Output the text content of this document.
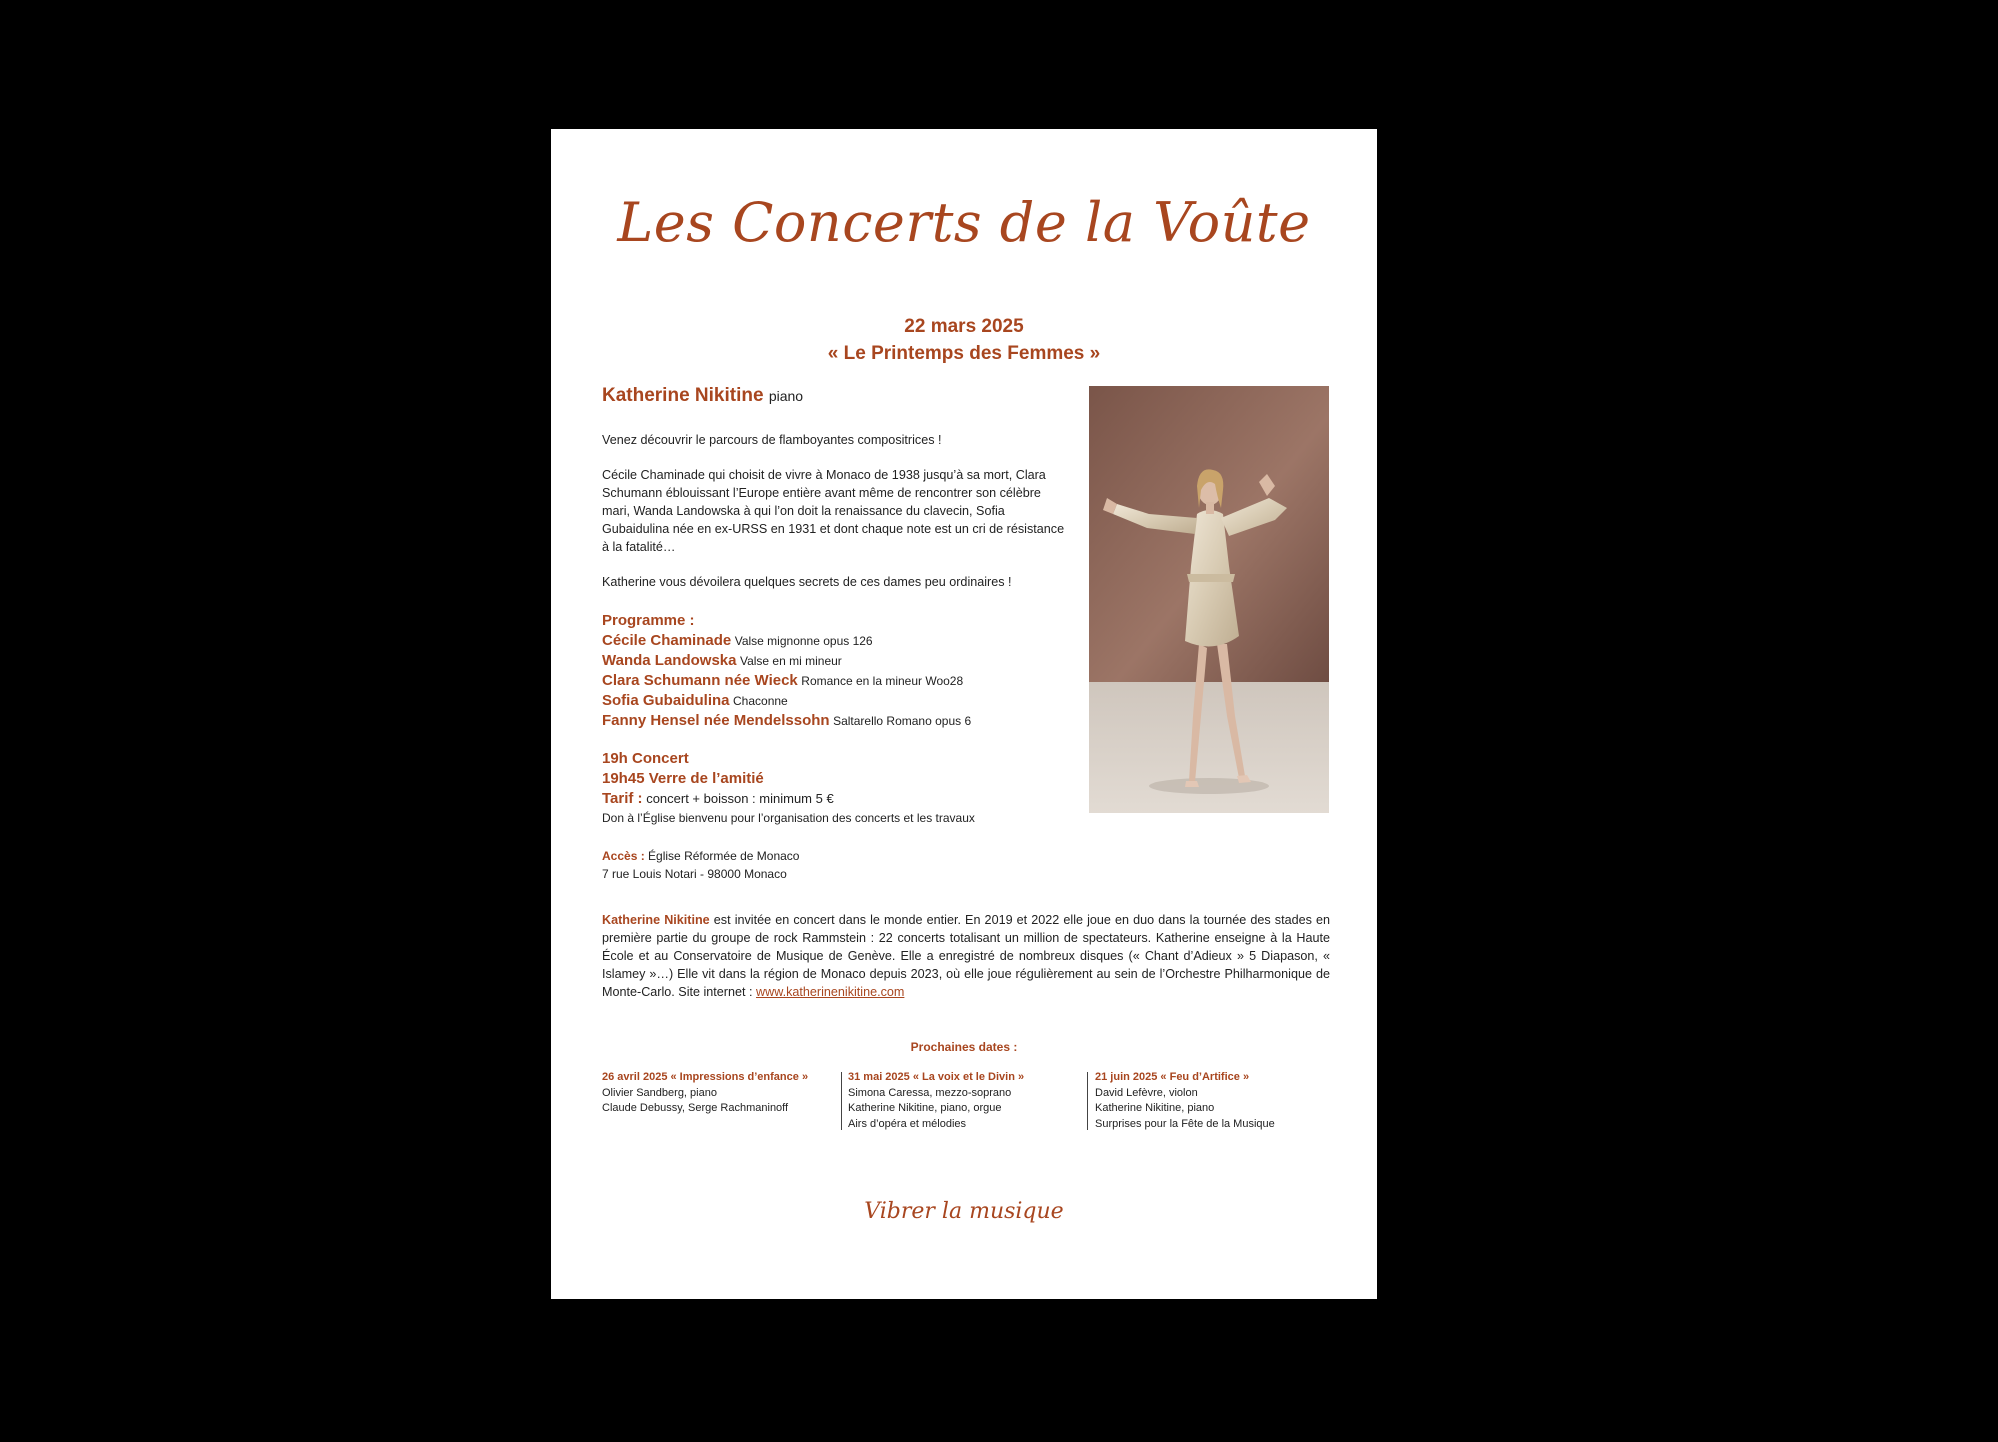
Les Concerts de la Voûte
22 mars 2025
« Le Printemps des Femmes »
Katherine Nikitine piano

Venez découvrir le parcours de flamboyantes compositrices !

Cécile Chaminade qui choisit de vivre à Monaco de 1938 jusqu’à sa mort, Clara Schumann éblouissant l’Europe entière avant même de rencontrer son célèbre mari, Wanda Landowska à qui l’on doit la renaissance du clavecin, Sofia Gubaidulina née en ex-URSS en 1931 et dont chaque note est un cri de résistance à la fatalité…

Katherine vous dévoilera quelques secrets de ces dames peu ordinaires !

Programme :
Cécile Chaminade Valse mignonne opus 126
Wanda Landowska Valse en mi mineur
Clara Schumann née Wieck Romance en la mineur Woo28
Sofia Gubaidulina Chaconne
Fanny Hensel née Mendelssohn Saltarello Romano opus 6
19h Concert
19h45 Verre de l’amitié
Tarif : concert + boisson : minimum 5 €
Don à l’Église bienvenu pour l’organisation des concerts et les travaux
Accès : Église Réformée de Monaco
7 rue Louis Notari - 98000 Monaco
Katherine Nikitine est invitée en concert dans le monde entier. En 2019 et 2022 elle joue en duo dans la tournée des stades en première partie du groupe de rock Rammstein : 22 concerts totalisant un million de spectateurs. Katherine enseigne à la Haute École et au Conservatoire de Musique de Genève. Elle a enregistré de nombreux disques (« Chant d’Adieux » 5 Diapason, « Islamey »…) Elle vit dans la région de Monaco depuis 2023, où elle joue régulièrement au sein de l’Orchestre Philharmonique de Monte-Carlo. Site internet : www.katherinenikitine.com
Prochaines dates :
26 avril 2025 « Impressions d’enfance »
Olivier Sandberg, piano
Claude Debussy, Serge Rachmaninoff
31 mai 2025 « La voix et le Divin »
Simona Caressa, mezzo-soprano
Katherine Nikitine, piano, orgue
Airs d’opéra et mélodies
21 juin 2025 « Feu d’Artifice »
David Lefèvre, violon
Katherine Nikitine, piano
Surprises pour la Fête de la Musique
Vibrer la musique
